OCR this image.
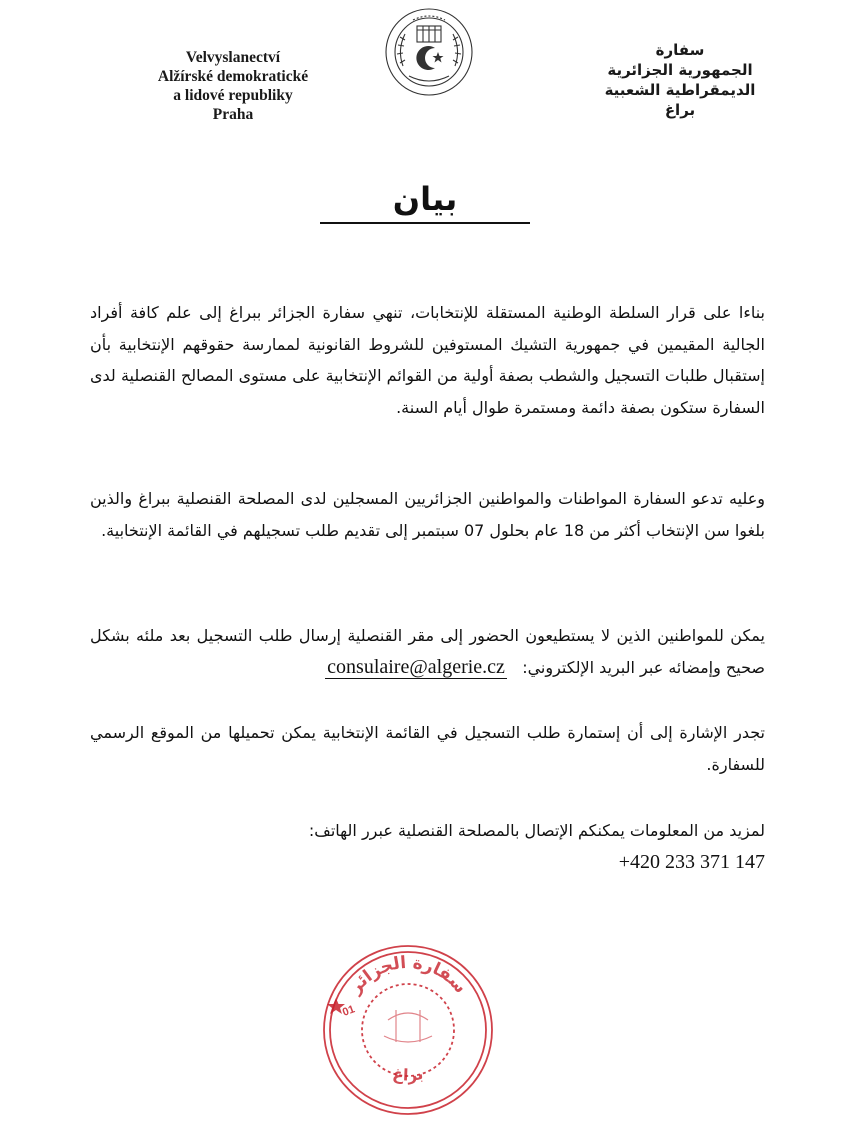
Velvyslanectví
Alžírské demokratické
a lidové republiky
Praha
سفارة
الجمهورية الجزائرية
الديمقراطية الشعبية
براغ
بيان
بناءا على قرار السلطة الوطنية المستقلة للإنتخابات، تنهي سفارة الجزائر ببراغ إلى علم كافة أفراد الجالية المقيمين في جمهورية التشيك المستوفين للشروط القانونية لممارسة حقوقهم الإنتخابية بأن إستقبال طلبات التسجيل والشطب بصفة أولية من القوائم الإنتخابية على مستوى المصالح القنصلية لدى السفارة ستكون بصفة دائمة ومستمرة طوال أيام السنة.
وعليه تدعو السفارة المواطنات والمواطنين الجزائريين المسجلين لدى المصلحة القنصلية ببراغ والذين بلغوا سن الإنتخاب أكثر من 18 عام بحلول 07 سبتمبر إلى تقديم طلب تسجيلهم في القائمة الإنتخابية.
يمكن للمواطنين الذين لا يستطيعون الحضور إلى مقر القنصلية إرسال طلب التسجيل بعد ملئه بشكل صحيح وإمضائه عبر البريد الإلكتروني:   consulaire@algerie.cz
تجدر الإشارة إلى أن إستمارة طلب التسجيل في القائمة الإنتخابية يمكن تحميلها من الموقع الرسمي للسفارة.
لمزيد من المعلومات يمكنكم الإتصال بالمصلحة القنصلية عبرر الهاتف:
+420 233 371 147
سفارة الجزائر
براغ
01
